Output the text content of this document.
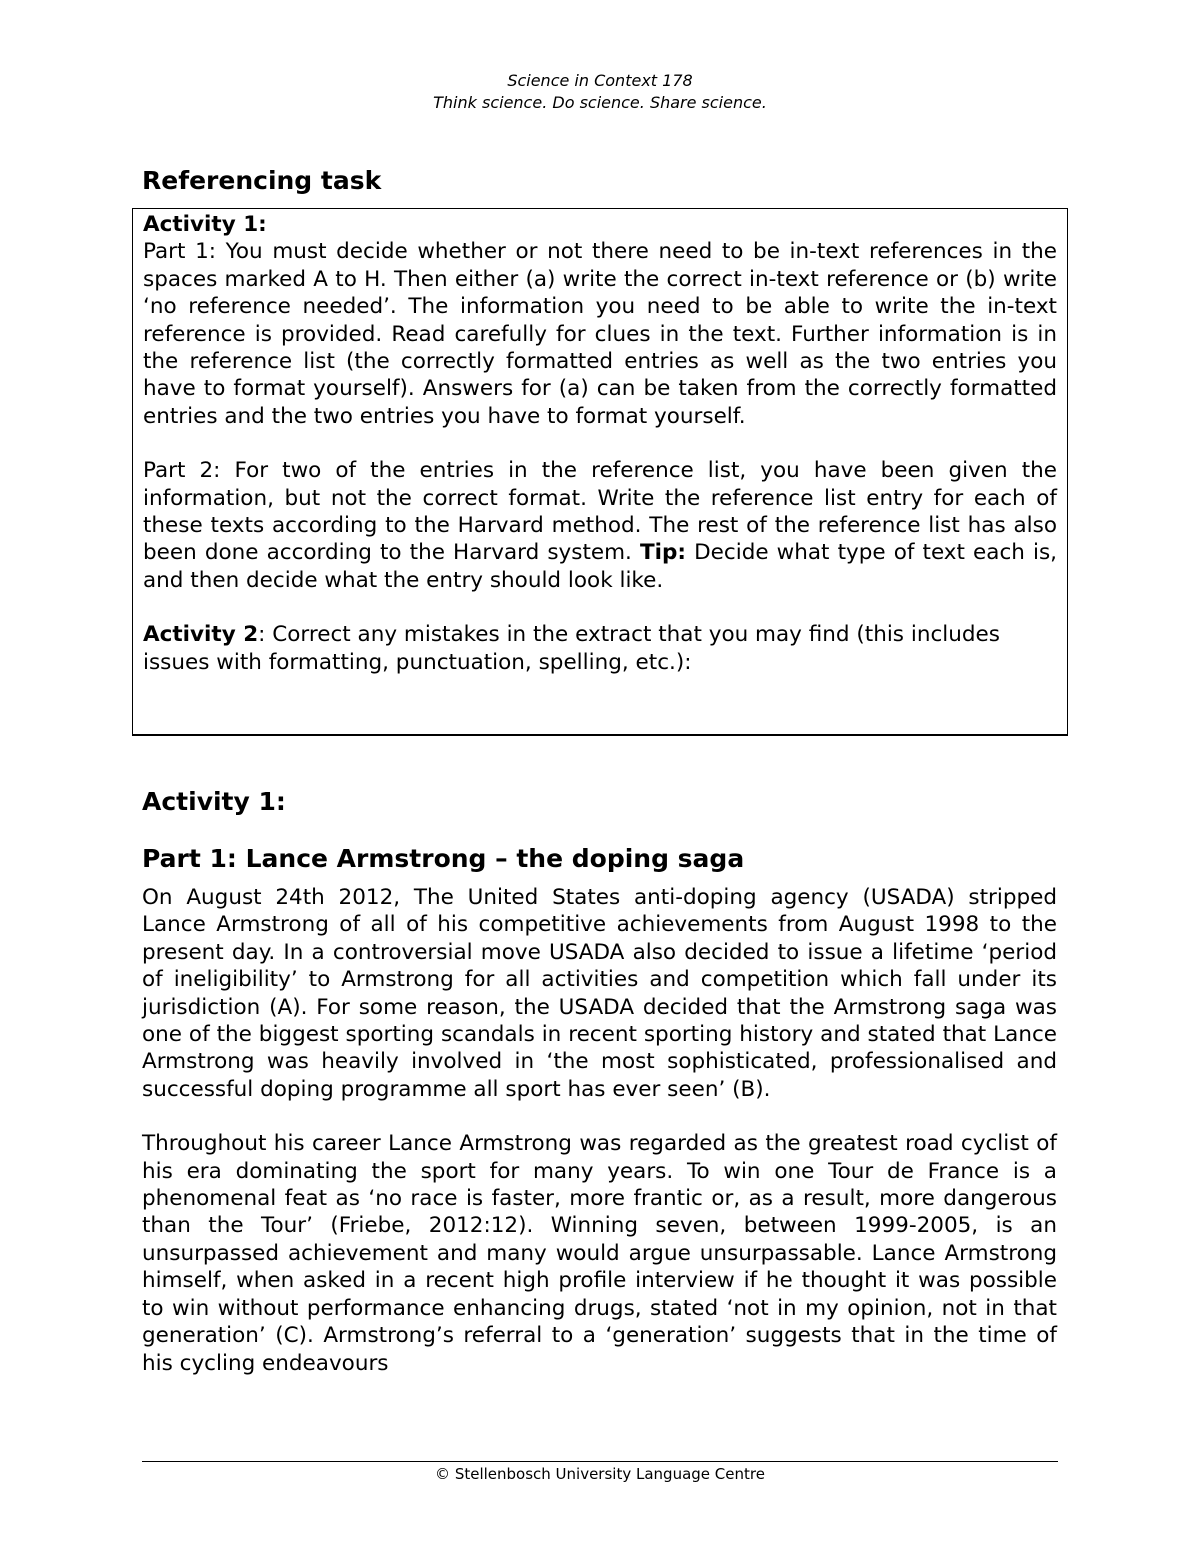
Science in Context 178
Think science. Do science. Share science.
Referencing task

Activity 1:

Part 1: You must decide whether or not there need to be in-text references in the spaces marked A to H. Then either (a) write the correct in-text reference or (b) write ‘no reference needed’. The information you need to be able to write the in-text reference is provided. Read carefully for clues in the text. Further information is in the reference list (the correctly formatted entries as well as the two entries you have to format yourself). Answers for (a) can be taken from the correctly formatted entries and the two entries you have to format yourself.

Part 2: For two of the entries in the reference list, you have been given the information, but not the correct format. Write the reference list entry for each of these texts according to the Harvard method. The rest of the reference list has also been done according to the Harvard system. Tip: Decide what type of text each is, and then decide what the entry should look like.

Activity 2: Correct any mistakes in the extract that you may find (this includes issues with formatting, punctuation, spelling, etc.):

Activity 1:
Part 1: Lance Armstrong – the doping saga

On August 24th 2012, The United States anti-doping agency (USADA) stripped Lance Armstrong of all of his competitive achievements from August 1998 to the present day. In a controversial move USADA also decided to issue a lifetime ‘period of ineligibility’ to Armstrong for all activities and competition which fall under its jurisdiction (A). For some reason, the USADA decided that the Armstrong saga was one of the biggest sporting scandals in recent sporting history and stated that Lance Armstrong was heavily involved in ‘the most sophisticated, professionalised and successful doping programme all sport has ever seen’ (B).

Throughout his career Lance Armstrong was regarded as the greatest road cyclist of his era dominating the sport for many years. To win one Tour de France is a phenomenal feat as ‘no race is faster, more frantic or, as a result, more dangerous than the Tour’ (Friebe, 2012:12). Winning seven, between 1999-2005, is an unsurpassed achievement and many would argue unsurpassable. Lance Armstrong himself, when asked in a recent high profile interview if he thought it was possible to win without performance enhancing drugs, stated ‘not in my opinion, not in that generation’ (C). Armstrong’s referral to a ‘generation’ suggests that in the time of his cycling endeavours

© Stellenbosch University Language Centre
